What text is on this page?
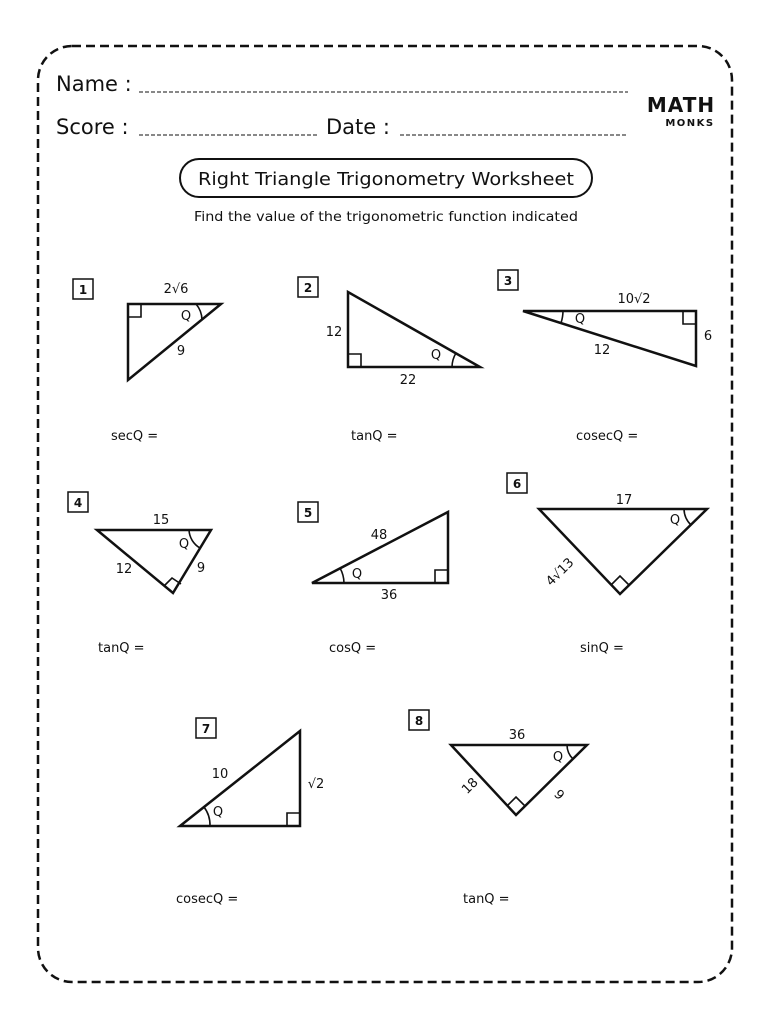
Name :
Score :	Date :
MATH
MONKS
Right Triangle Trigonometry Worksheet
Find the value of the trigonometric function indicated
1
Q
2√6
9
secQ =
2
Q
12
22
tanQ =
3
Q
10√2
6
12
cosecQ =
4
Q
15
12	9
tanQ =
5
Q
48
36
cosQ =
6
Q
17
4√13
sinQ =
7
Q
10
√2
cosecQ =
8
Q
36
18	9
tanQ =
